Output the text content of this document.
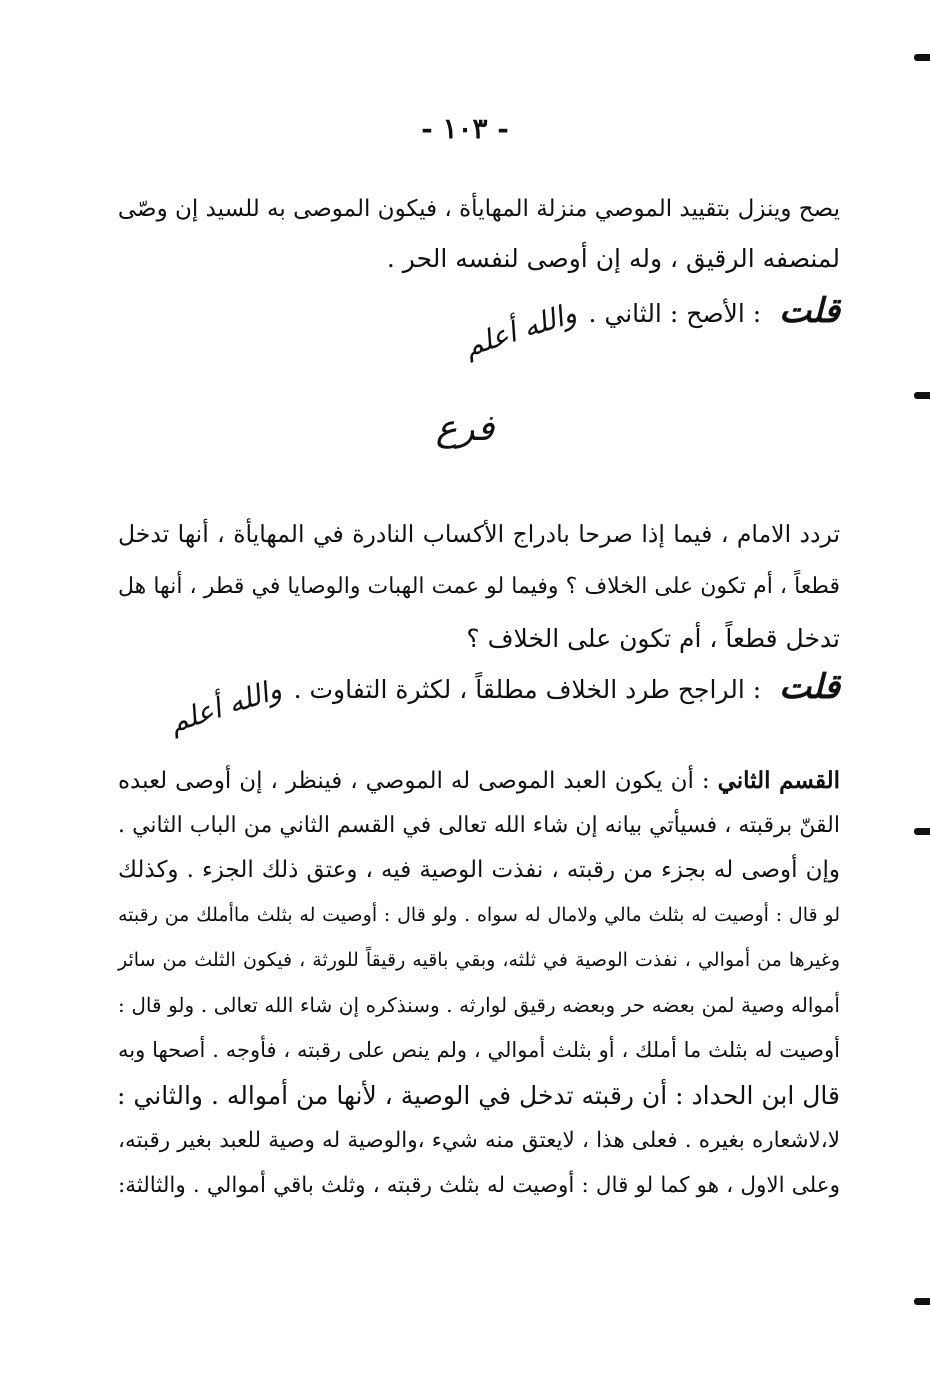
- ١٠٣ -
يصح وينزل بتقييد الموصي منزلة المهايأة ، فيكون الموصى به للسيد إن وصّى
لمنصفه الرقيق ، وله إن أوصى لنفسه الحر .
قلت : الأصح : الثاني . والله أعلم
فرع
تردد الامام ، فيما إذا صرحا بادراج الأكساب النادرة في المهايأة ، أنها تدخل
قطعاً ، أم تكون على الخلاف ؟ وفيما لو عمت الهبات والوصايا في قطر ، أنها هل
تدخل قطعاً ، أم تكون على الخلاف ؟
قلت : الراجح طرد الخلاف مطلقاً ، لكثرة التفاوت . والله أعلم
القسم الثاني : أن يكون العبد الموصى له الموصي ، فينظر ، إن أوصى لعبده
القنّ برقبته ، فسيأتي بيانه إن شاء الله تعالى في القسم الثاني من الباب الثاني .
وإن أوصى له بجزء من رقبته ، نفذت الوصية فيه ، وعتق ذلك الجزء . وكذلك
لو قال : أوصيت له بثلث مالي ولامال له سواه . ولو قال : أوصيت له بثلث ماأملك من رقبته
وغيرها من أموالي ، نفذت الوصية في ثلثه، وبقي باقيه رقيقاً للورثة ، فيكون الثلث من سائر
أمواله وصية لمن بعضه حر وبعضه رقيق لوارثه . وسنذكره إن شاء الله تعالى . ولو قال :
أوصيت له بثلث ما أملك ، أو بثلث أموالي ، ولم ينص على رقبته ، فأوجه . أصحها وبه
قال ابن الحداد : أن رقبته تدخل في الوصية ، لأنها من أمواله . والثاني :
لا،لاشعاره بغيره . فعلى هذا ، لايعتق منه شيء ،والوصية له وصية للعبد بغير رقبته،
وعلى الاول ، هو كما لو قال : أوصيت له بثلث رقبته ، وثلث باقي أموالي . والثالثة:
